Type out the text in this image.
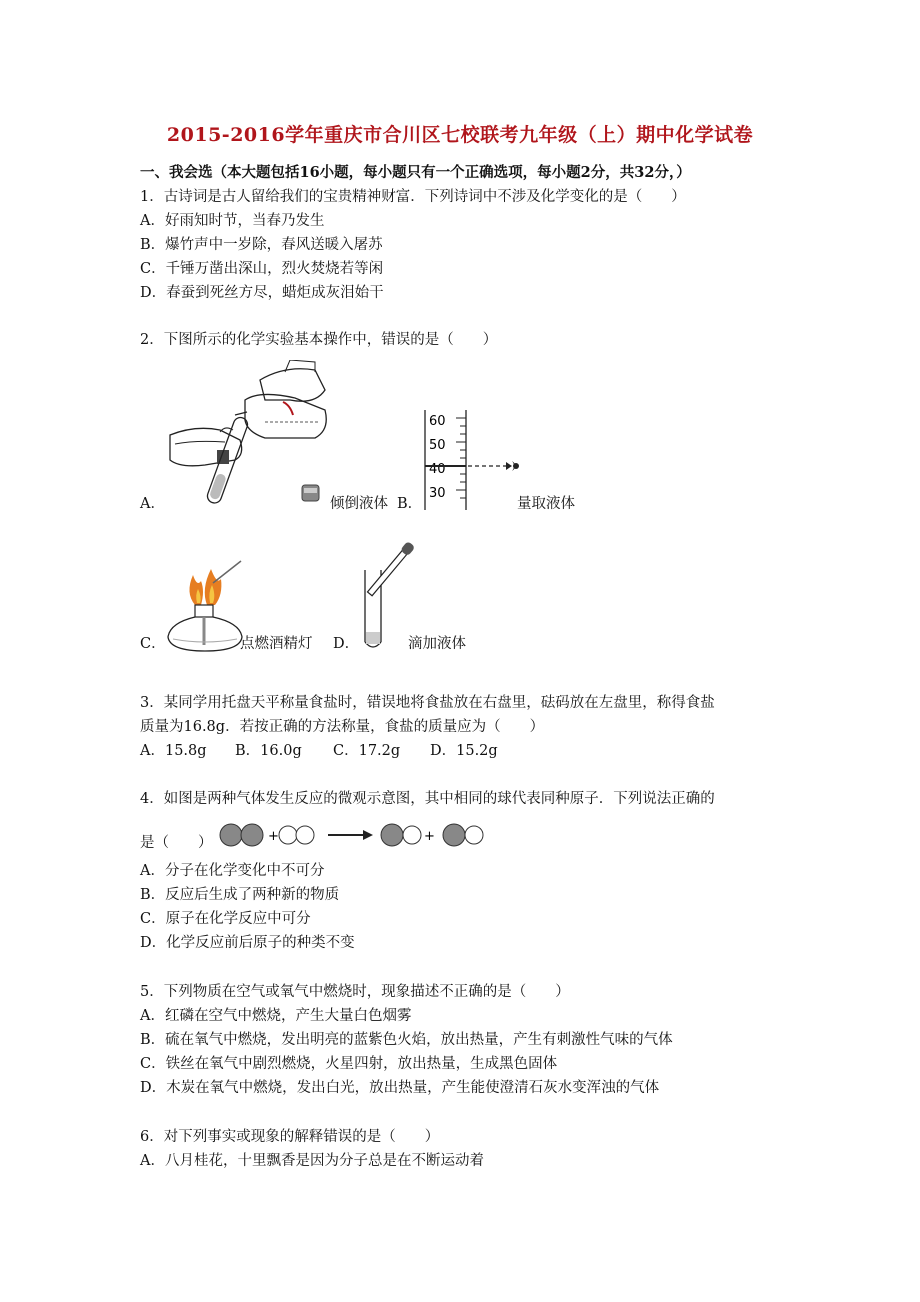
2015-2016学年重庆市合川区七校联考九年级（上）期中化学试卷
一、我会选（本大题包括16小题，每小题只有一个正确选项，每小题2分，共32分，）
1．古诗词是古人留给我们的宝贵精神财富．下列诗词中不涉及化学变化的是（　　）
A．好雨知时节，当春乃发生
B．爆竹声中一岁除，春风送暖入屠苏
C．千锤万凿出深山，烈火焚烧若等闲
D．春蚕到死丝方尽，蜡炬成灰泪始干
2．下图所示的化学实验基本操作中，错误的是（　　）
60
50
40
30
A．	倾倒液体 B．	量取液体
C．	点燃酒精灯 D．	滴加液体
3．某同学用托盘天平称量食盐时，错误地将食盐放在右盘里，砝码放在左盘里，称得食盐
质量为16.8g．若按正确的方法称量，食盐的质量应为（　　）
A．15.8g B．16.0g C．17.2g D．15.2g
4．如图是两种气体发生反应的微观示意图，其中相同的球代表同种原子．下列说法正确的
是（　　）	+	+
A．分子在化学变化中不可分
B．反应后生成了两种新的物质
C．原子在化学反应中可分
D．化学反应前后原子的种类不变
5．下列物质在空气或氧气中燃烧时，现象描述不正确的是（　　）
A．红磷在空气中燃烧，产生大量白色烟雾
B．硫在氧气中燃烧，发出明亮的蓝紫色火焰，放出热量，产生有刺激性气味的气体
C．铁丝在氧气中剧烈燃烧，火星四射，放出热量，生成黑色固体
D．木炭在氧气中燃烧，发出白光，放出热量，产生能使澄清石灰水变浑浊的气体
6．对下列事实或现象的解释错误的是（　　）
A．八月桂花，十里飘香是因为分子总是在不断运动着
